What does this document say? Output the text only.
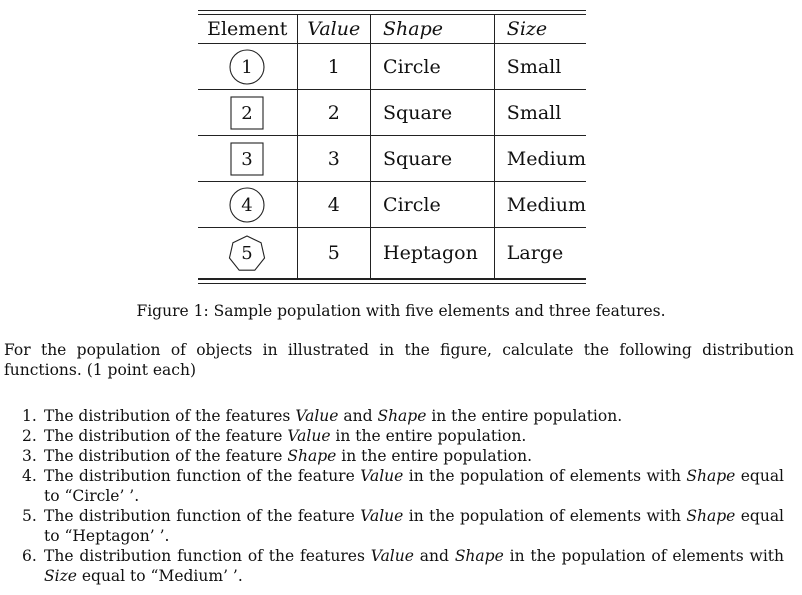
Element	Value	Shape	Size

1	1	Circle	Small

2	2	Square	Small

3	3	Square	Medium

4	4	Circle	Medium

5	5	Heptagon	Large
Figure 1: Sample population with five elements and three features.
For the population of objects in illustrated in the figure, calculate the following distribution functions. (1 point each)
1. The distribution of the features Value and Shape in the entire population.
2. The distribution of the feature Value in the entire population.
3. The distribution of the feature Shape in the entire population.
4. The distribution function of the feature Value in the population of elements with Shape equal to “Circle’ ’.
5. The distribution function of the feature Value in the population of elements with Shape equal to “Heptagon’ ’.
6. The distribution function of the features Value and Shape in the population of elements with Size equal to “Medium’ ’.
